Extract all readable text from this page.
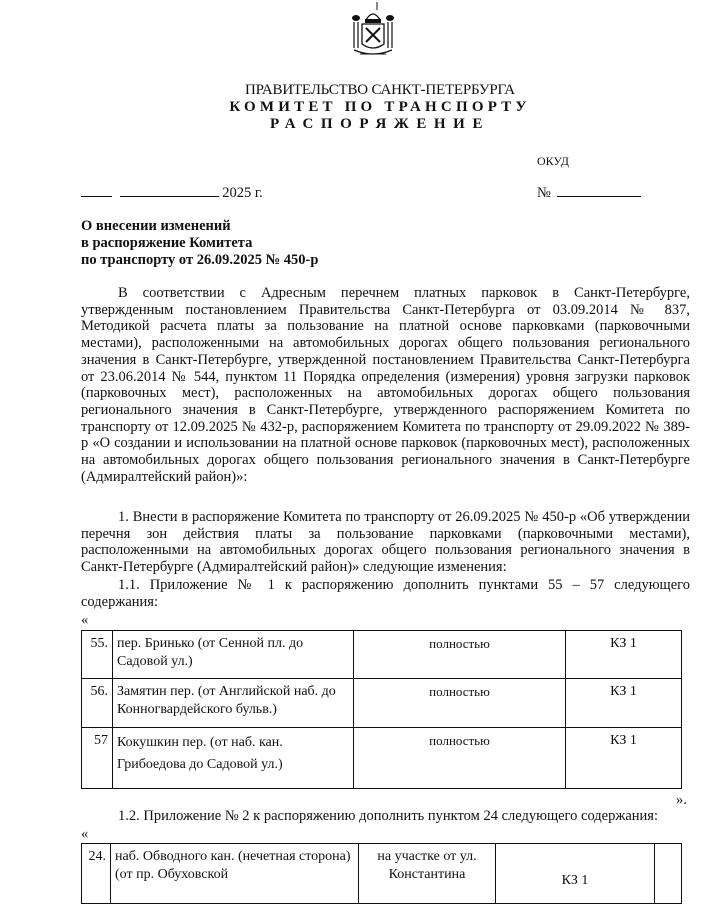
ПРАВИТЕЛЬСТВО САНКТ-ПЕТЕРБУРГА
КОМИТЕТ ПО ТРАНСПОРТУ
РАСПОРЯЖЕНИЕ
ОКУД
2025 г.	№
О внесении изменений
в распоряжение Комитета
по транспорту от 26.09.2025 № 450-р
В соответствии с Адресным перечнем платных парковок в Санкт-Петербурге, утвержденным постановлением Правительства Санкт-Петербурга от 03.09.2014 № 837, Методикой расчета платы за пользование на платной основе парковками (парковочными местами), расположенными на автомобильных дорогах общего пользования регионального значения в Санкт-Петербурге, утвержденной постановлением Правительства Санкт-Петербурга от 23.06.2014 № 544, пунктом 11 Порядка определения (измерения) уровня загрузки парковок (парковочных мест), расположенных на автомобильных дорогах общего пользования регионального значения в Санкт-Петербурге, утвержденного распоряжением Комитета по транспорту от 12.09.2025 № 432-р, распоряжением Комитета по транспорту от 29.09.2022 № 389-р «О создании и использовании на платной основе парковок (парковочных мест), расположенных на автомобильных дорогах общего пользования регионального значения в Санкт-Петербурге (Адмиралтейский район)»:
1. Внести в распоряжение Комитета по транспорту от 26.09.2025 № 450-р «Об утверждении перечня зон действия платы за пользование парковками (парковочными местами), расположенными на автомобильных дорогах общего пользования регионального значения в Санкт-Петербурге (Адмиралтейский район)» следующие изменения:
1.1. Приложение № 1 к распоряжению дополнить пунктами 55 – 57 следующего содержания:
«
55.	пер. Бринько (от Сенной пл. до Садовой ул.)	полностью	КЗ 1
56.	Замятин пер. (от Английской наб. до Конногвардейского бульв.)	полностью	КЗ 1
57	Кокушкин пер. (от наб. кан. Грибоедова до Садовой ул.)	полностью	КЗ 1
».
1.2. Приложение № 2 к распоряжению дополнить пунктом 24 следующего содержания:
«
24.	наб. Обводного кан. (нечетная сторона) (от пр. Обуховской	на участке от ул. Константина	КЗ 1	
